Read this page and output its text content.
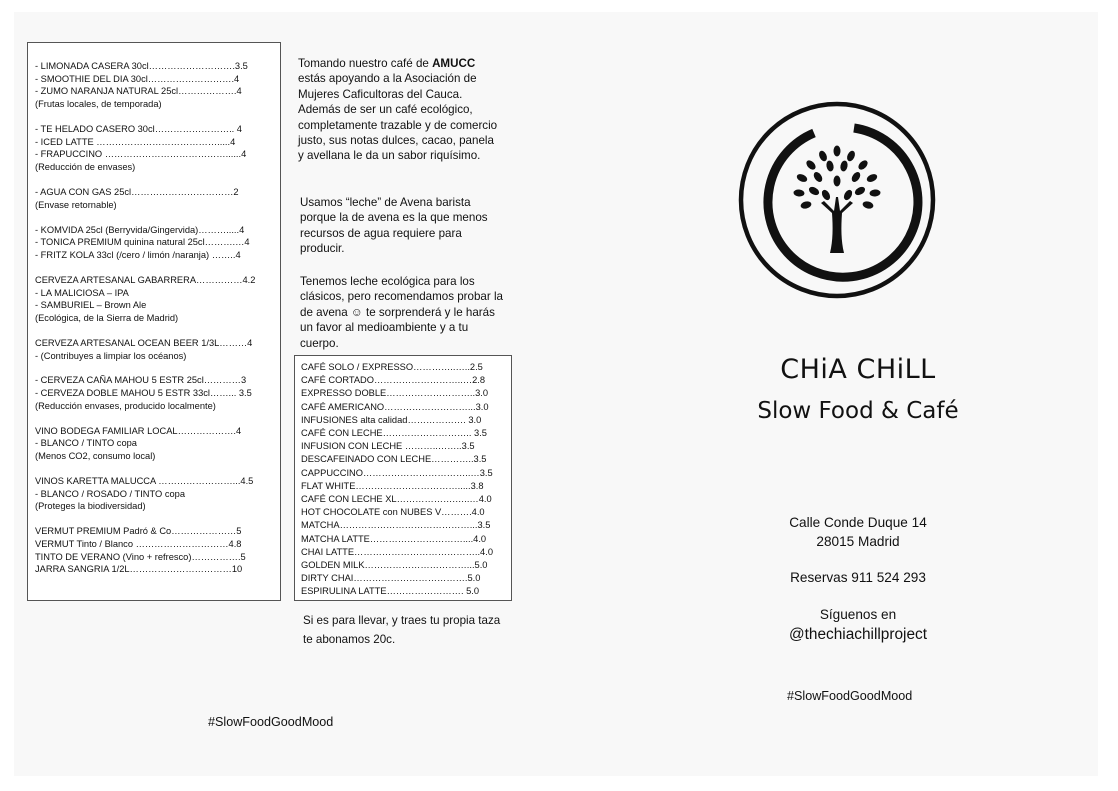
- LIMONADA CASERA 30cl……………………….3.5
- SMOOTHIE DEL DIA 30cl……………………….4
- ZUMO NARANJA NATURAL 25cl……………….4
(Frutas locales, de temporada)
- TE HELADO CASERO 30cl…………………….. 4
- ICED LATTE ………………………………….....4
- FRAPUCCINO …………………………………......4
(Reducción de envases)
- AGUA CON GAS 25cl……………………………2
(Envase retornable)
- KOMVIDA 25cl (Berryvida/Gingervida)……….....4
- TONICA PREMIUM quinina natural 25cl……….…4
- FRITZ KOLA 33cl (/cero / limón /naranja) ……..4
CERVEZA ARTESANAL GABARRERA……………4.2
- LA MALICIOSA – IPA
- SAMBURIEL – Brown Ale
(Ecológica, de la Sierra de Madrid)
CERVEZA ARTESANAL OCEAN BEER 1/3L………4
- (Contribuyes a limpiar los océanos)
- CERVEZA CAÑA MAHOU 5 ESTR 25cl…………3
- CERVEZA DOBLE MAHOU 5 ESTR 33cl……... 3.5
(Reducción envases, producido localmente)
VINO BODEGA FAMILIAR LOCAL……………….4
- BLANCO / TINTO copa
(Menos CO2, consumo local)
VINOS KARETTA MALUCCA ……………………...4.5
- BLANCO / ROSADO / TINTO copa
(Proteges la biodiversidad)
VERMUT PREMIUM Padró & Co…………………5
VERMUT Tinto / Blanco …………………………4.8
TINTO DE VERANO (Vino + refresco)…………….5
JARRA SANGRIA 1/2L……………………………10
Tomando nuestro café de AMUCC estás apoyando a la Asociación de Mujeres Caficultoras del Cauca. Además de ser un café ecológico, completamente trazable y de comercio justo, sus notas dulces, cacao, panela y avellana le da un sabor riquísimo.
Usamos “leche” de Avena barista porque la de avena es la que menos recursos de agua requiere para producir.
Tenemos leche ecológica para los clásicos, pero recomendamos probar la de avena ☺ te sorprenderá y le harás un favor al medioambiente y a tu cuerpo.
CAFÉ SOLO / EXPRESSO…………..…..2.5
CAFÉ CORTADO………………………..…2.8
EXPRESSO DOBLE………………………..3.0
CAFÉ AMERICANO………………………...3.0
INFUSIONES alta calidad………………. 3.0
CAFÉ CON LECHE……………………….. 3.5
INFUSION CON LECHE ………..……..3.5
DESCAFEINADO CON LECHE…………..3.5
CAPPUCCINO……………………………..…3.5
FLAT WHITE…………………………….....3.8
CAFÉ CON LECHE XL……………….…..…4.0
HOT CHOCOLATE con NUBES V……….4.0
MATCHA……………………………………...3.5
MATCHA LATTE…………………………....4.0
CHAI LATTE…………………………………..4.0
GOLDEN MILK……………………………...5.0
DIRTY CHAI……………………………….5.0
ESPIRULINA LATTE……………………. 5.0
Si es para llevar, y traes tu propia taza te abonamos 20c.
#SlowFoodGoodMood
CHiA CHiLL
Slow Food & Café
Calle Conde Duque 14
28015 Madrid
Reservas 911 524 293
Síguenos en
@thechiachillproject
#SlowFoodGoodMood
